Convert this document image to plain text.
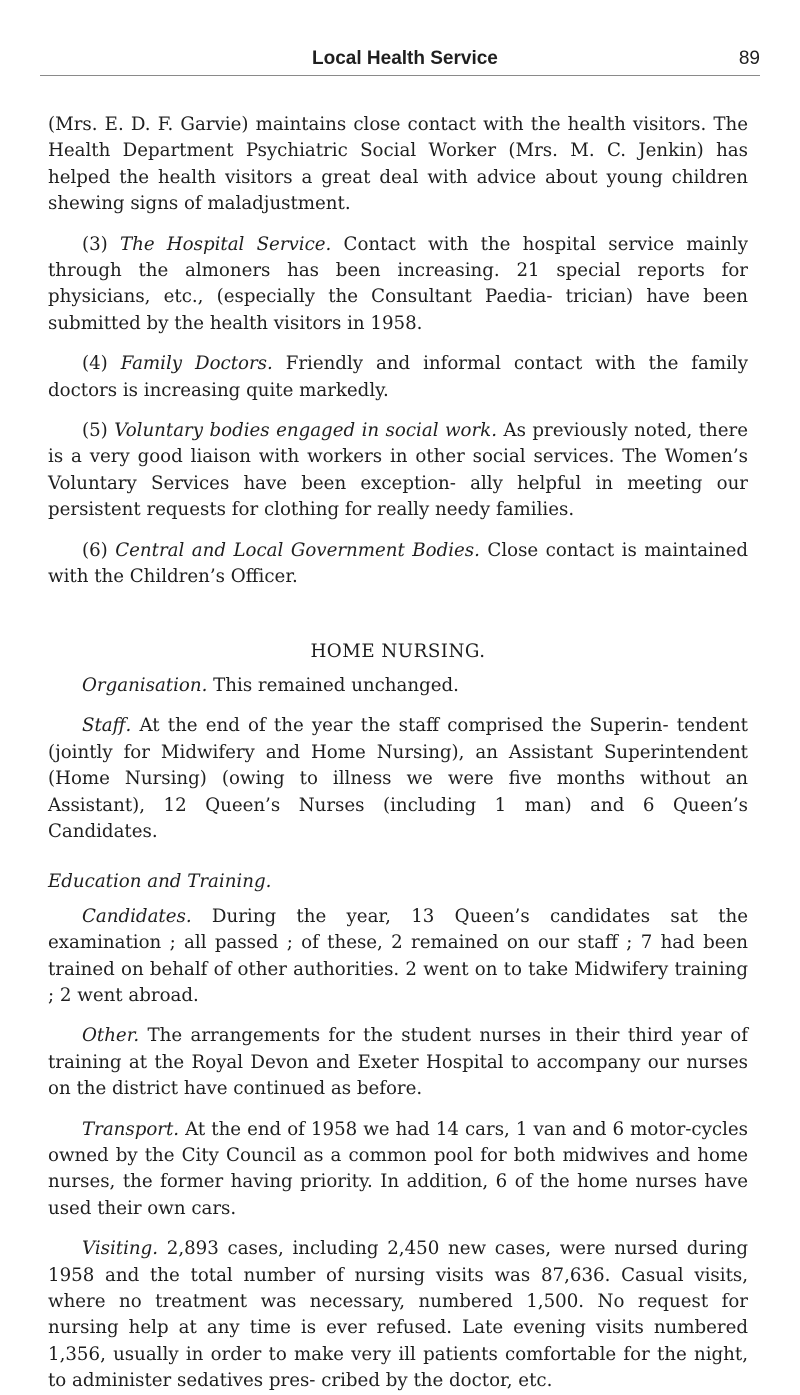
Local Health Service	89

(Mrs. E. D. F. Garvie) maintains close contact with the health visitors. The Health Department Psychiatric Social Worker (Mrs. M. C. Jenkin) has helped the health visitors a great deal with advice about young children shewing signs of maladjustment.

(3) The Hospital Service. Contact with the hospital service mainly through the almoners has been increasing. 21 special reports for physicians, etc., (especially the Consultant Paedia- trician) have been submitted by the health visitors in 1958.

(4) Family Doctors. Friendly and informal contact with the family doctors is increasing quite markedly.

(5) Voluntary bodies engaged in social work. As previously noted, there is a very good liaison with workers in other social services. The Women’s Voluntary Services have been exception- ally helpful in meeting our persistent requests for clothing for really needy families.

(6) Central and Local Government Bodies. Close contact is maintained with the Children’s Officer.

HOME NURSING.

Organisation. This remained unchanged.

Staff. At the end of the year the staff comprised the Superin- tendent (jointly for Midwifery and Home Nursing), an Assistant Superintendent (Home Nursing) (owing to illness we were five months without an Assistant), 12 Queen’s Nurses (including 1 man) and 6 Queen’s Candidates.

Education and Training.

Candidates. During the year, 13 Queen’s candidates sat the examination ; all passed ; of these, 2 remained on our staff ; 7 had been trained on behalf of other authorities. 2 went on to take Midwifery training ; 2 went abroad.

Other. The arrangements for the student nurses in their third year of training at the Royal Devon and Exeter Hospital to accompany our nurses on the district have continued as before.

Transport. At the end of 1958 we had 14 cars, 1 van and 6 motor-cycles owned by the City Council as a common pool for both midwives and home nurses, the former having priority. In addition, 6 of the home nurses have used their own cars.

Visiting. 2,893 cases, including 2,450 new cases, were nursed during 1958 and the total number of nursing visits was 87,636. Casual visits, where no treatment was necessary, numbered 1,500. No request for nursing help at any time is ever refused. Late evening visits numbered 1,356, usually in order to make very ill patients comfortable for the night, to administer sedatives pres- cribed by the doctor, etc.
